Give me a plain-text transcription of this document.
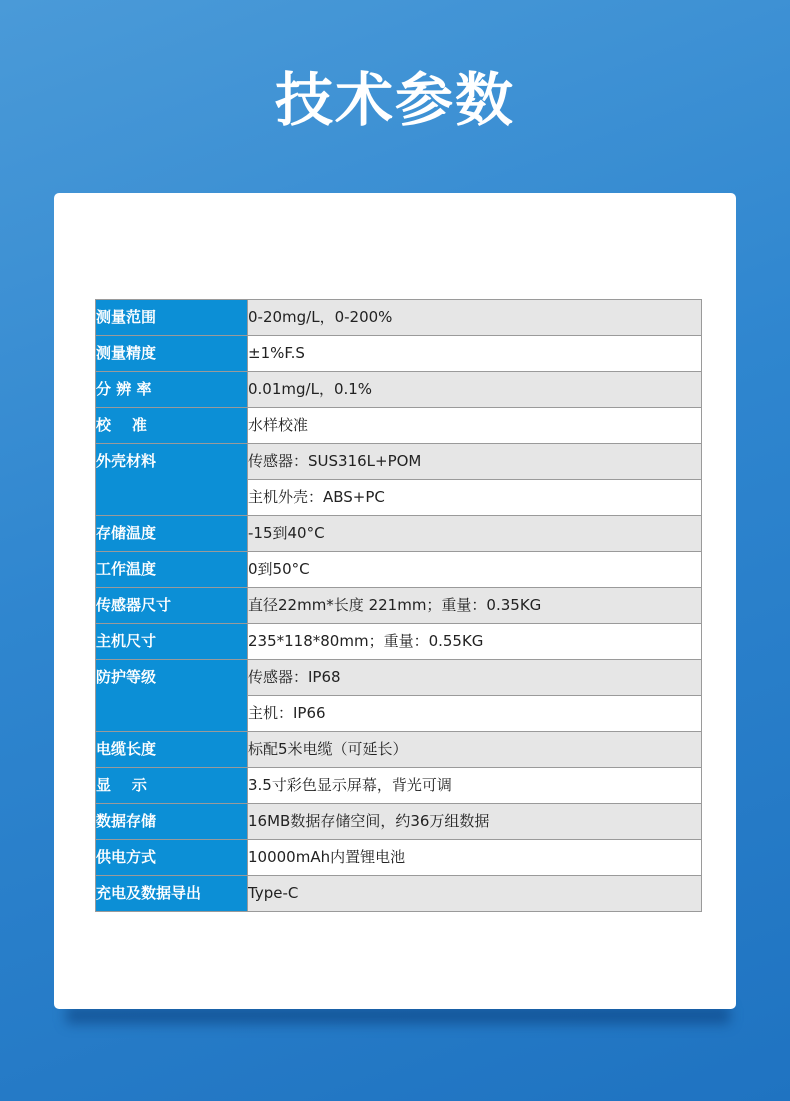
技术参数
测量范围	0-20mg/L，0-200%
测量精度	±1%F.S
分 辨 率	0.01mg/L，0.1%
校    准	水样校准
外壳材料	传感器：SUS316L+POM
	主机外壳：ABS+PC
存储温度	-15到40°C
工作温度	0到50°C
传感器尺寸	直径22mm*长度 221mm；重量：0.35KG
主机尺寸	235*118*80mm；重量：0.55KG
防护等级	传感器：IP68
	主机：IP66
电缆长度	标配5米电缆（可延长）
显    示	3.5寸彩色显示屏幕，背光可调
数据存储	16MB数据存储空间，约36万组数据
供电方式	10000mAh内置锂电池
充电及数据导出	Type-C
